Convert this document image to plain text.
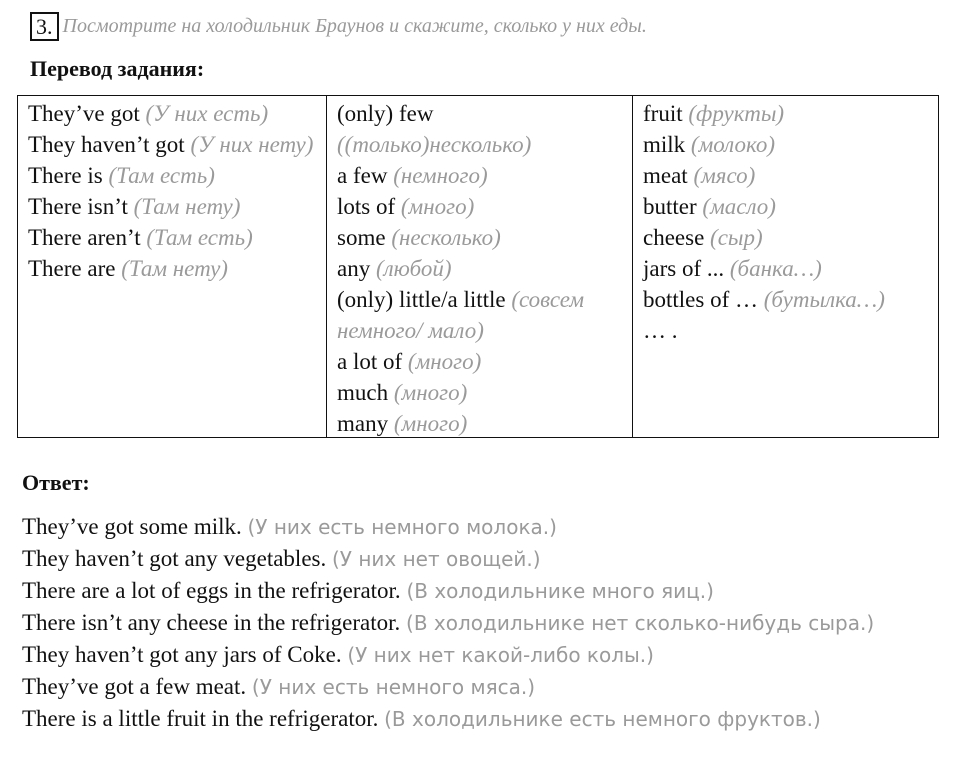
3. Посмотрите на холодильник Браунов и скажите, сколько у них еды.
Перевод задания:
They’ve got (У них есть)
They haven’t got (У них нету)
There is (Там есть)
There isn’t (Там нету)
There aren’t (Там есть)
There are (Там нету)
(only) few ((только)несколько)
a few (немного)
lots of (много)
some (несколько)
any (любой)
(only) little/a little (совсем немного/ мало)
a lot of (много)
much (много)
many (много)
fruit (фрукты)
milk (молоко)
meat (мясо)
butter (масло)
cheese (сыр)
jars of ... (банка…)
bottles of … (бутылка…)
… .
Ответ:
They’ve got some milk. (У них есть немного молока.)
They haven’t got any vegetables. (У них нет овощей.)
There are a lot of eggs in the refrigerator. (В холодильнике много яиц.)
There isn’t any cheese in the refrigerator. (В холодильнике нет сколько-нибудь сыра.)
They haven’t got any jars of Coke. (У них нет какой-либо колы.)
They’ve got a few meat. (У них есть немного мяса.)
There is a little fruit in the refrigerator. (В холодильнике есть немного фруктов.)
